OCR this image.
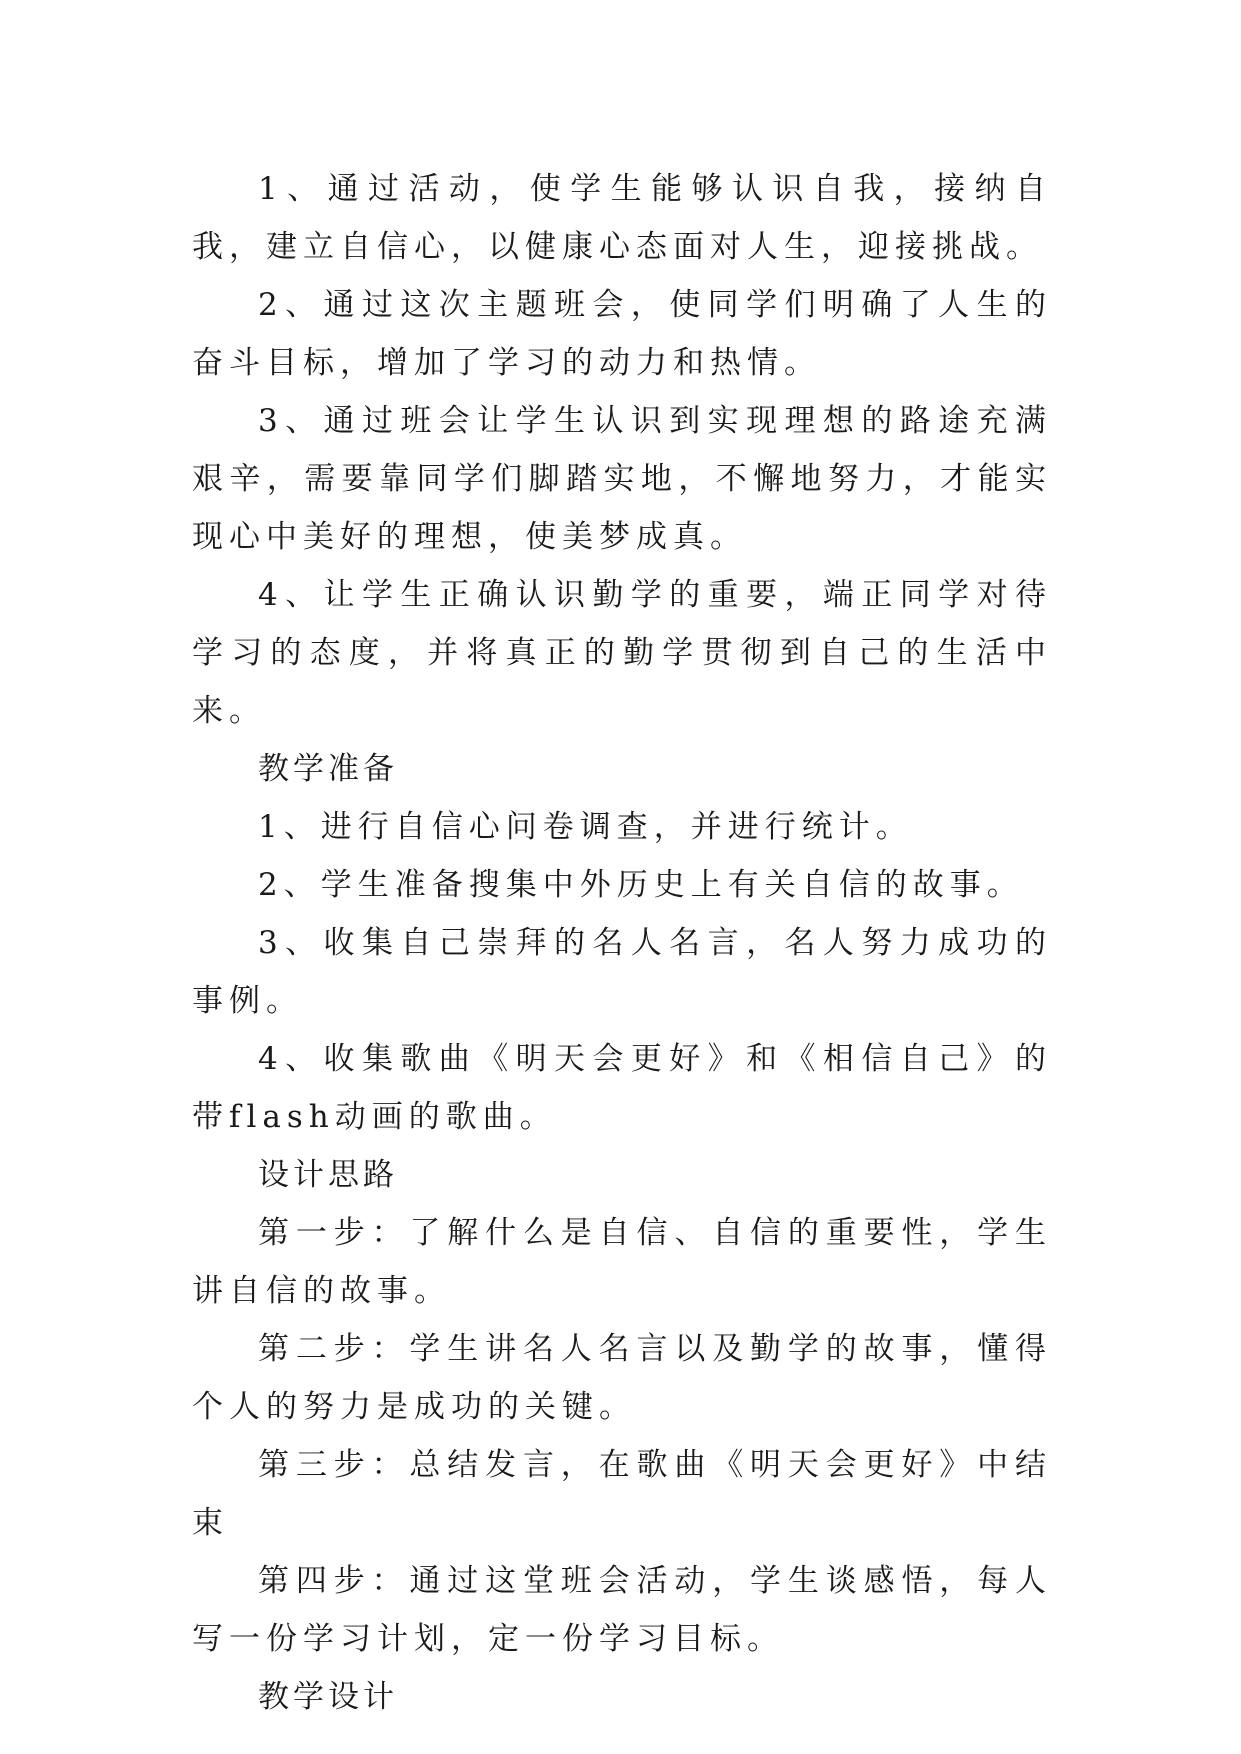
1、通过活动，使学生能够认识自我，接纳自我，建立自信心，以健康心态面对人生，迎接挑战。

2、通过这次主题班会，使同学们明确了人生的奋斗目标，增加了学习的动力和热情。

3、通过班会让学生认识到实现理想的路途充满艰辛，需要靠同学们脚踏实地，不懈地努力，才能实现心中美好的理想，使美梦成真。

4、让学生正确认识勤学的重要，端正同学对待学习的态度，并将真正的勤学贯彻到自己的生活中来。

教学准备

1、进行自信心问卷调查，并进行统计。

2、学生准备搜集中外历史上有关自信的故事。

3、收集自己崇拜的名人名言，名人努力成功的事例。

4、收集歌曲《明天会更好》和《相信自己》的带flash动画的歌曲。

设计思路

第一步：了解什么是自信、自信的重要性，学生讲自信的故事。

第二步：学生讲名人名言以及勤学的故事，懂得个人的努力是成功的关键。

第三步：总结发言，在歌曲《明天会更好》中结束

第四步：通过这堂班会活动，学生谈感悟，每人写一份学习计划，定一份学习目标。

教学设计
